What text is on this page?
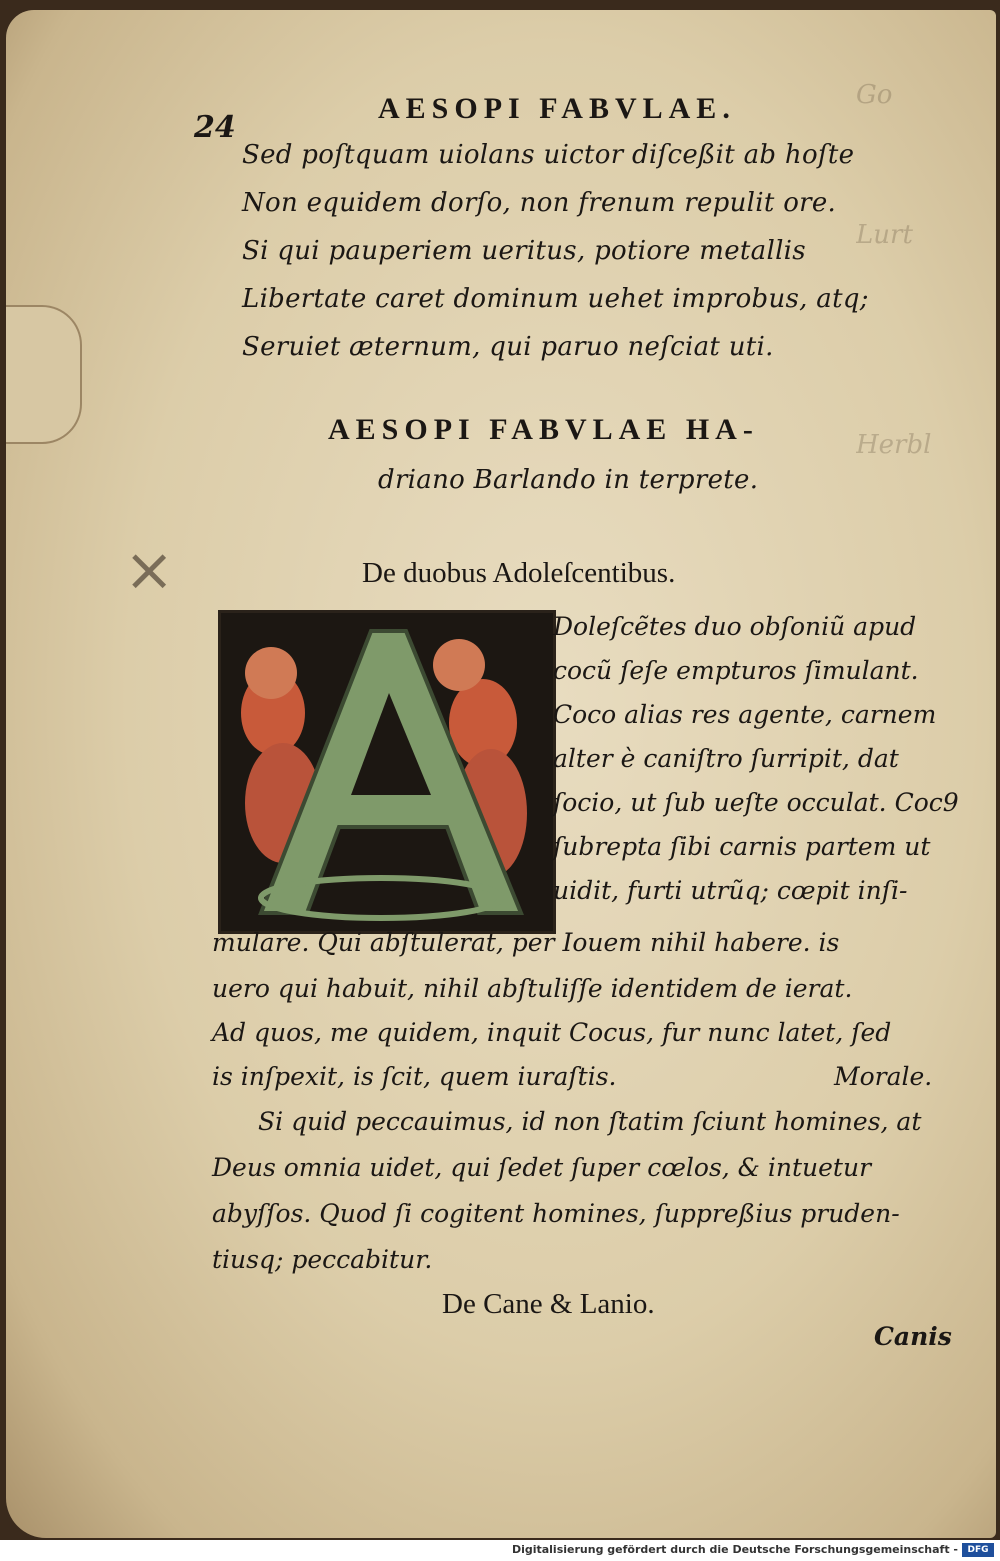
Go
Lurt
Herbl
×
24
AESOPI FABVLAE.
Sed poſtquam uiolans uictor diſceßit ab hoſte
Non equidem dorſo, non frenum repulit ore.
Si qui pauperiem ueritus, potiore metallis
Libertate caret dominum uehet improbus, atq;
Seruiet æternum, qui paruo neſciat uti.
AESOPI FABVLAE HA-
driano Barlando in terprete.
De duobus Adoleſcentibus.
Doleſcẽtes duo obſoniũ apud
cocũ ſeſe empturos ſimulant.
Coco alias res agente, carnem
alter è caniſtro ſurripit, dat
ſocio, ut ſub ueſte occulat. Coc9
ſubrepta ſibi carnis partem ut
uidit, furti utrũq; cœpit inſi-
mulare. Qui abſtulerat, per Iouem nihil habere. is
uero qui habuit, nihil abſtuliſſe identidem de ierat.
Ad quos, me quidem, inquit Cocus, fur nunc latet, ſed
is inſpexit, is ſcit, quem iuraſtis.	Morale.
Si quid peccauimus, id non ſtatim ſciunt homines, at
Deus omnia uidet, qui ſedet ſuper cœlos, & intuetur
abyſſos. Quod ſi cogitent homines, ſuppreßius pruden-
tiusq; peccabitur.
De Cane & Lanio.
Canis
Digitalisierung gefördert durch die Deutsche Forschungsgemeinschaft -	DFG
